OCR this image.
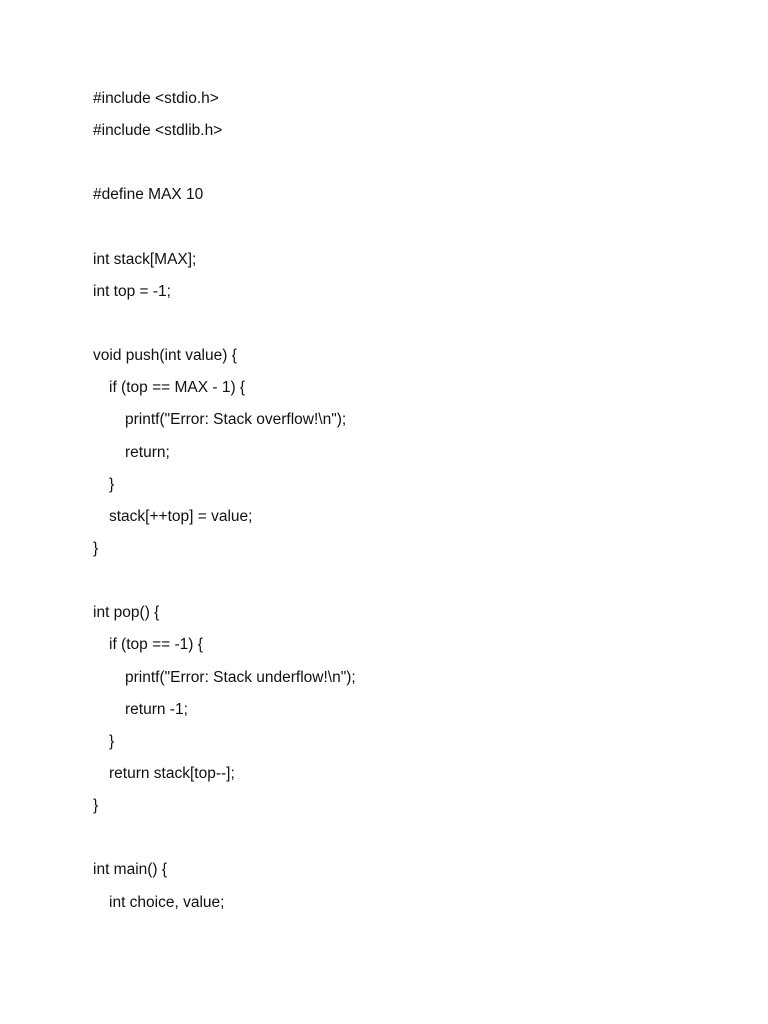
#include <stdio.h>
#include <stdlib.h>
#define MAX 10
int stack[MAX];
int top = -1;
void push(int value) {
if (top == MAX - 1) {
printf("Error: Stack overflow!\n");
return;
}
stack[++top] = value;
}
int pop() {
if (top == -1) {
printf("Error: Stack underflow!\n");
return -1;
}
return stack[top--];
}
int main() {
int choice, value;
